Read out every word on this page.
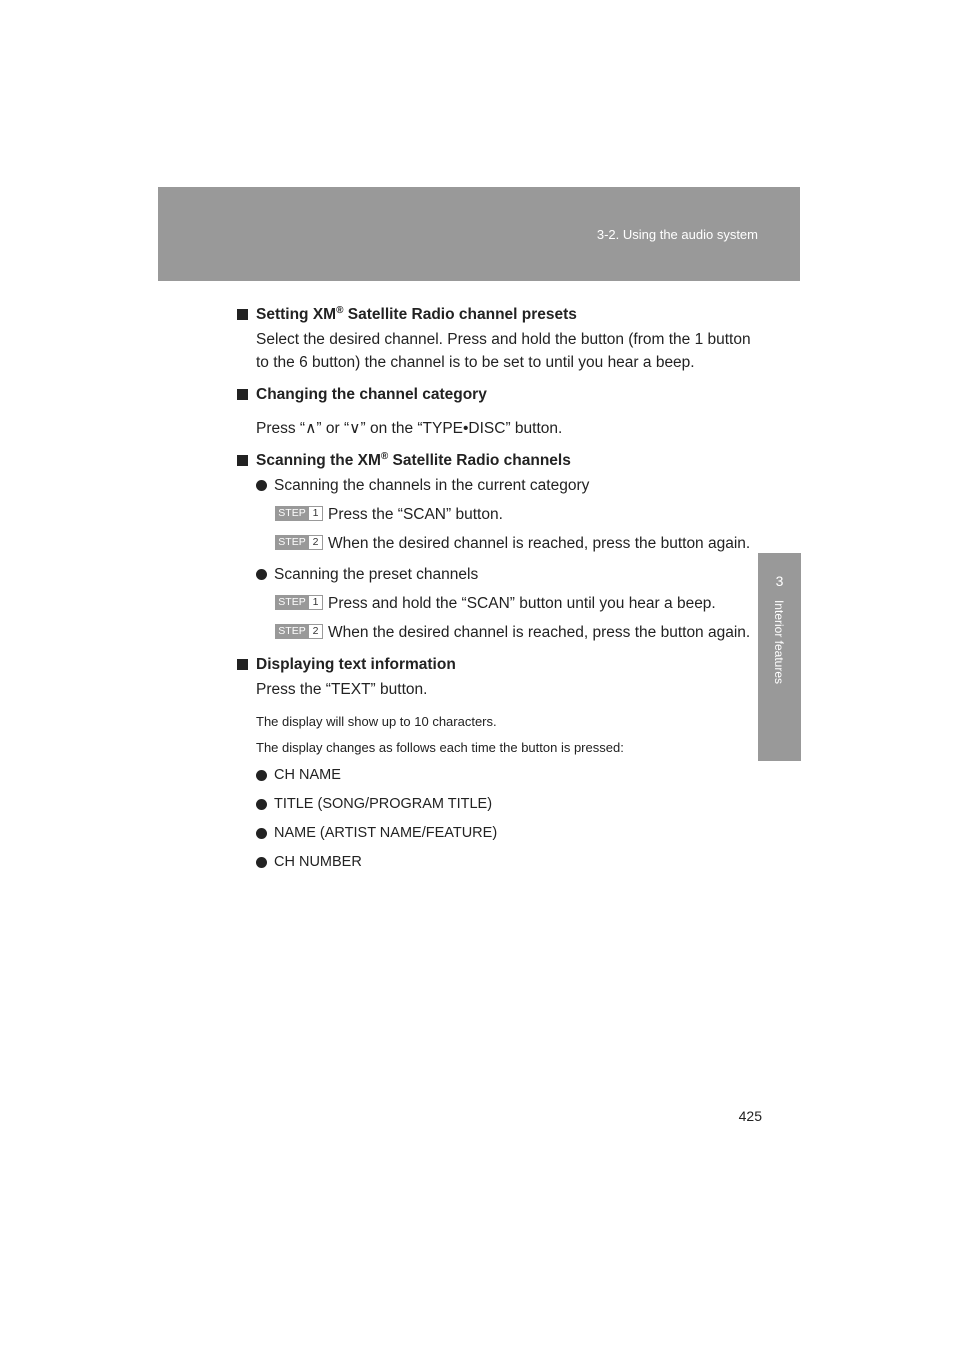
3-2. Using the audio system
3
Interior features

Setting XM® Satellite Radio channel presets

Select the desired channel. Press and hold the button (from the 1 button to the 6 button) the channel is to be set to until you hear a beep.

Changing the channel category

Press “∧” or “∨” on the “TYPE•DISC” button.

Scanning the XM® Satellite Radio channels

Scanning the channels in the current category

STEP 1 Press the “SCAN” button.
STEP 2 When the desired channel is reached, press the button again.

Scanning the preset channels

STEP 1 Press and hold the “SCAN” button until you hear a beep.
STEP 2 When the desired channel is reached, press the button again.

Displaying text information

Press the “TEXT” button.

The display will show up to 10 characters.

The display changes as follows each time the button is pressed:

CH NAME

TITLE (SONG/PROGRAM TITLE)

NAME (ARTIST NAME/FEATURE)

CH NUMBER

425
